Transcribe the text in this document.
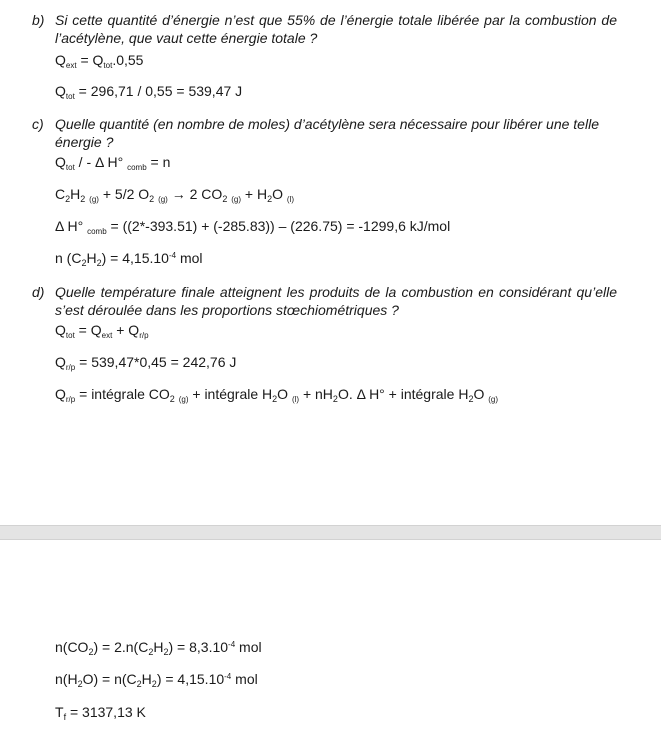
b) Si cette quantité d’énergie n’est que 55% de l’énergie totale libérée par la combustion de l’acétylène, que vaut cette énergie totale ?
$Q_{ext} = Q_{tot}.0,55$
$Q_{tot} = 296,71 / 0,55 = 539,47$ J
c) Quelle quantité (en nombre de moles) d’acétylène sera nécessaire pour libérer une telle énergie ?
$Q_{tot}$ / - Δ H° $_{comb}$ = n
$C_2H_2$ $_{(g)}$ + 5/2 $O_2$ $_{(g)}$ → 2 $CO_2$ $_{(g)} + H_2O$ $_{(l)}$
Δ H° $_{comb}$ = ((2*-393.51) + (-285.83)) – (226.75) = -1299,6 kJ/mol
n $(C_2H_2) = 4,15.10^{-4}$ mol
d) Quelle température finale atteignent les produits de la combustion en considérant qu’elle s’est déroulée dans les proportions stœchiométriques ?
$Q_{tot} = Q_{ext} + Q_{r/p}$
$Q_{r/p} = 539,47*0,45 = 242,76$ J
$Q_{r/p}$ = intégrale $CO_2$ $_{(g)}$ + intégrale $H_2O$ $_{(l)} + nH_2O$. Δ H° + intégrale $H_2O$ $_{(g)}$
$n(CO_2) = 2.n(C_2H_2) = 8,3.10^{-4}$ mol
$n(H_2O) = n(C_2H_2) = 4,15.10^{-4}$ mol
$T_f = 3137,13$ K
